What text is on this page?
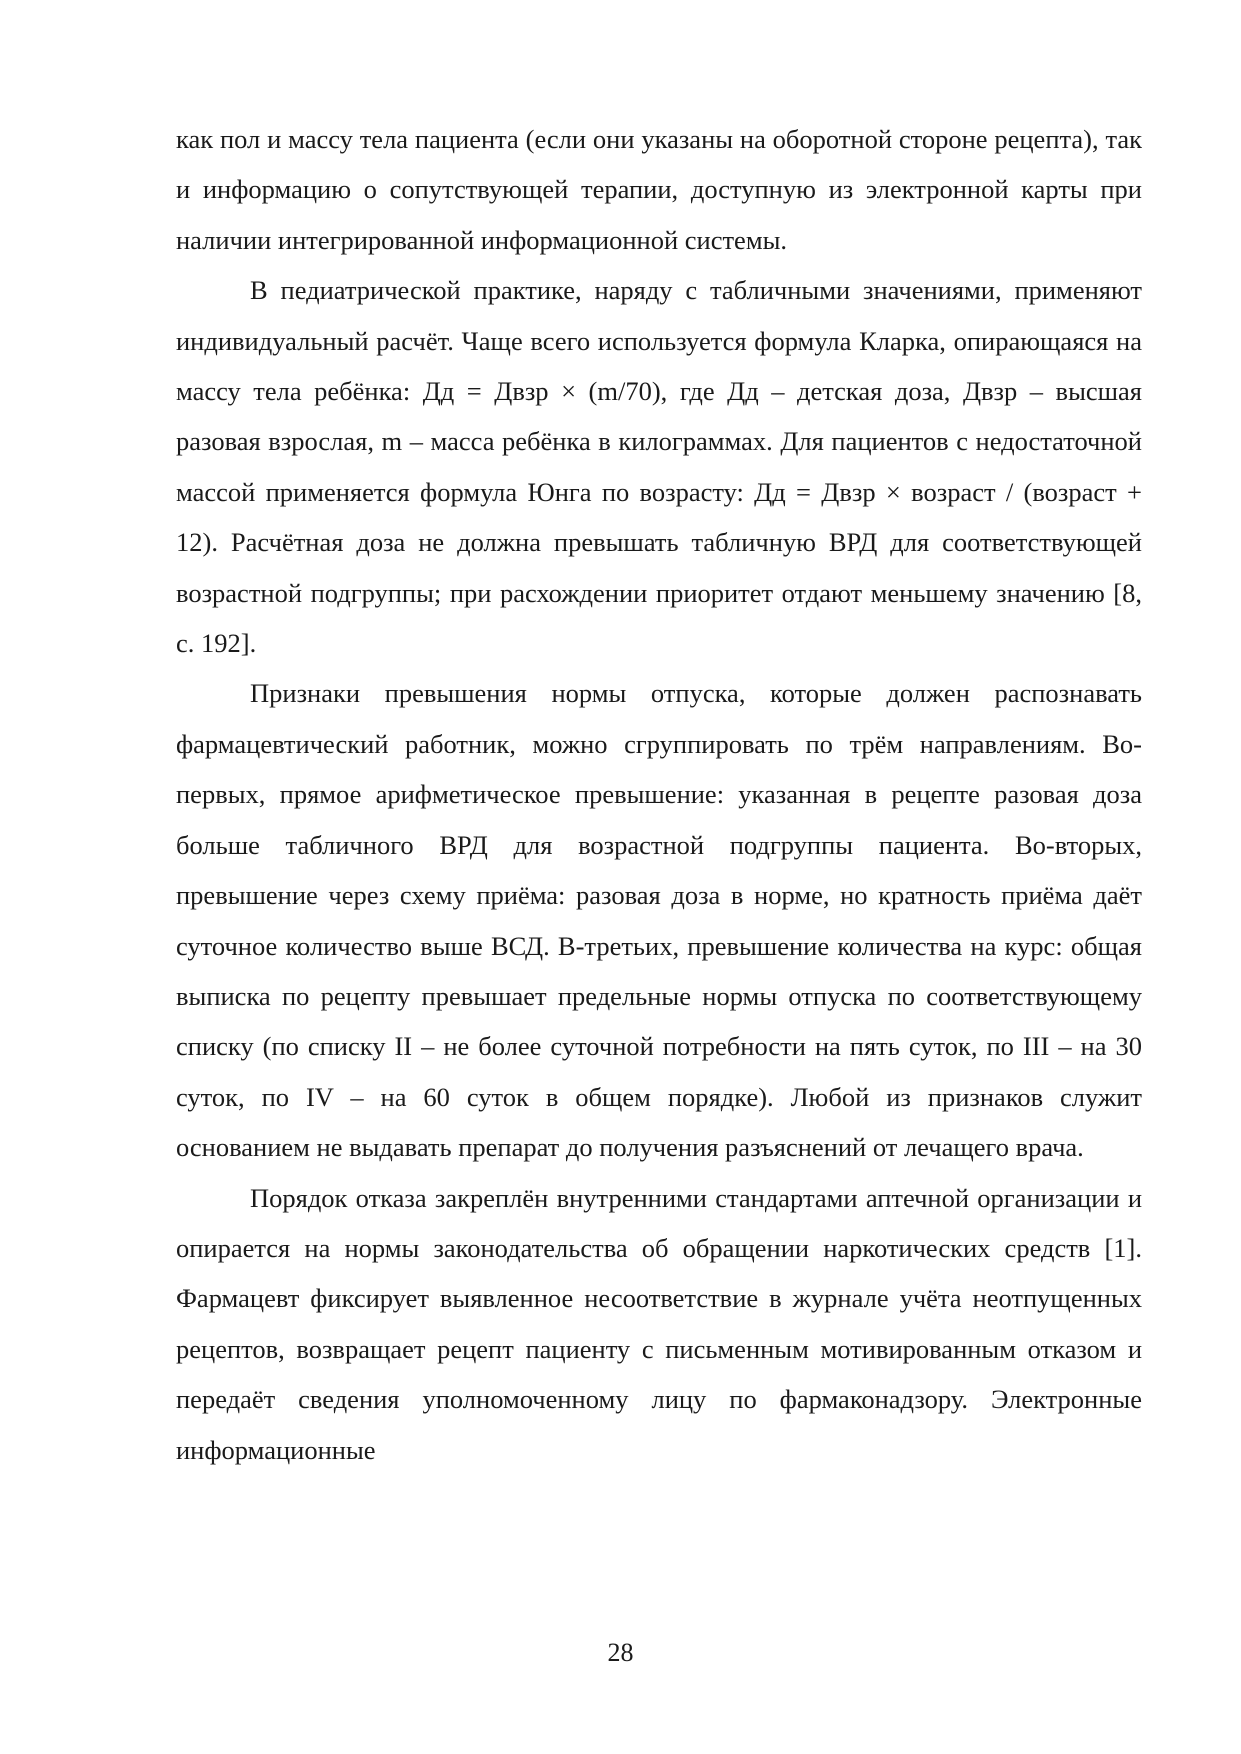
как пол и массу тела пациента (если они указаны на оборотной стороне рецепта), так и информацию о сопутствующей терапии, доступную из электронной карты при наличии интегрированной информационной системы.

В педиатрической практике, наряду с табличными значениями, применяют индивидуальный расчёт. Чаще всего используется формула Кларка, опирающаяся на массу тела ребёнка: Дд = Двзр × (m/70), где Дд – детская доза, Двзр – высшая разовая взрослая, m – масса ребёнка в килограммах. Для пациентов с недостаточной массой применяется формула Юнга по возрасту: Дд = Двзр × возраст / (возраст + 12). Расчётная доза не должна превышать табличную ВРД для соответствующей возрастной подгруппы; при расхождении приоритет отдают меньшему значению [8, с. 192].

Признаки превышения нормы отпуска, которые должен распознавать фармацевтический работник, можно сгруппировать по трём направлениям. Во-первых, прямое арифметическое превышение: указанная в рецепте разовая доза больше табличного ВРД для возрастной подгруппы пациента. Во-вторых, превышение через схему приёма: разовая доза в норме, но кратность приёма даёт суточное количество выше ВСД. В-третьих, превышение количества на курс: общая выписка по рецепту превышает предельные нормы отпуска по соответствующему списку (по списку II – не более суточной потребности на пять суток, по III – на 30 суток, по IV – на 60 суток в общем порядке). Любой из признаков служит основанием не выдавать препарат до получения разъяснений от лечащего врача.

Порядок отказа закреплён внутренними стандартами аптечной организации и опирается на нормы законодательства об обращении наркотических средств [1]. Фармацевт фиксирует выявленное несоответствие в журнале учёта неотпущенных рецептов, возвращает рецепт пациенту с письменным мотивированным отказом и передаёт сведения уполномоченному лицу по фармаконадзору. Электронные информационные

28
